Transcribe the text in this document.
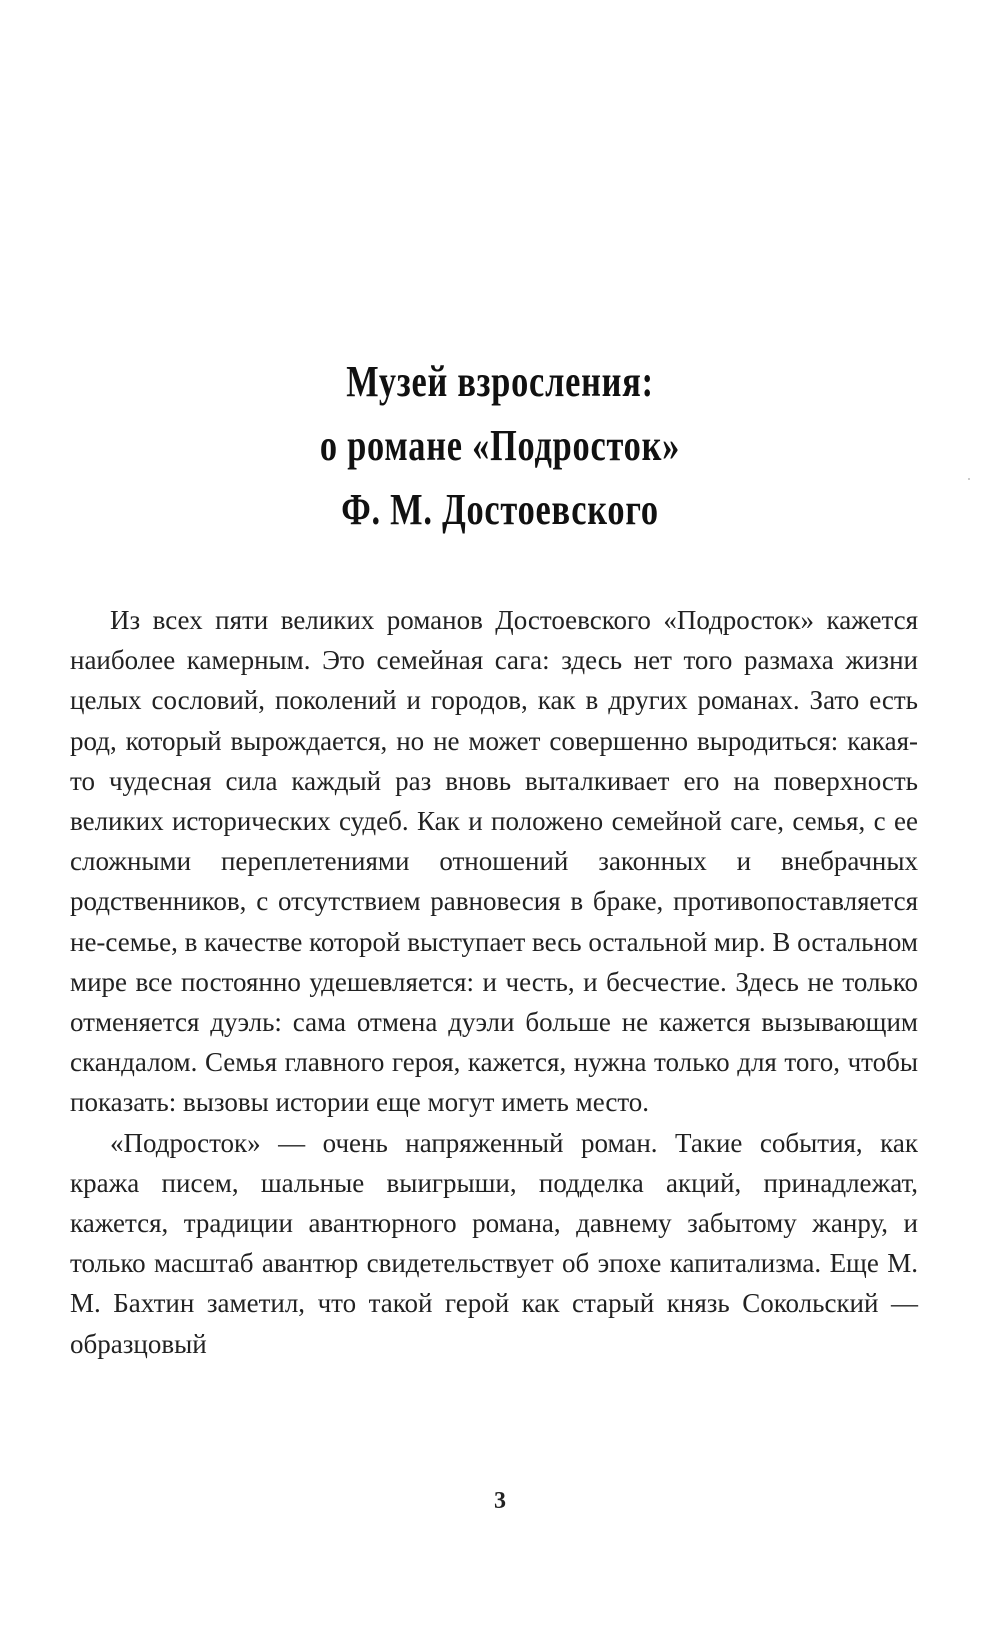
Музей взросления:
о романе «Подросток»
Ф. М. Достоевского

Из всех пяти великих романов Достоевского «Подросток» кажется наиболее камерным. Это семейная сага: здесь нет того размаха жизни целых сословий, поколений и городов, как в других романах. Зато есть род, который вырождается, но не может совершенно выродиться: какая-то чудесная сила каждый раз вновь выталкивает его на поверхность великих исторических судеб. Как и положено семейной саге, семья, с ее сложными переплетениями отношений законных и внебрачных родственников, с отсутствием равновесия в браке, противопоставляется не-семье, в качестве которой выступает весь остальной мир. В остальном мире все постоянно удешевляется: и честь, и бесчестие. Здесь не только отменяется дуэль: сама отмена дуэли больше не кажется вызывающим скандалом. Семья главного героя, кажется, нужна только для того, чтобы показать: вызовы истории еще могут иметь место.

«Подросток» — очень напряженный роман. Такие события, как кража писем, шальные выигрыши, подделка акций, принадлежат, кажется, традиции авантюрного романа, давнему забытому жанру, и только масштаб авантюр свидетельствует об эпохе капитализма. Еще М. М. Бахтин заметил, что такой герой как старый князь Сокольский — образцовый

3
